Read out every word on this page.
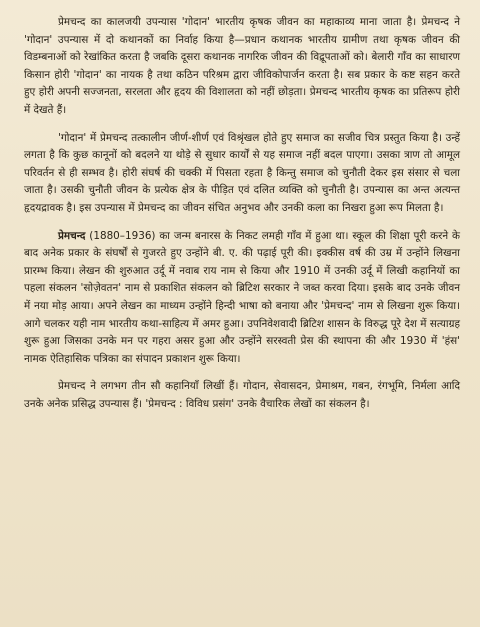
प्रेमचन्द का कालजयी उपन्यास 'गोदान' भारतीय कृषक जीवन का महाकाव्य माना जाता है। प्रेमचन्द ने 'गोदान' उपन्यास में दो कथानकों का निर्वाह किया है—प्रधान कथानक भारतीय ग्रामीण तथा कृषक जीवन की विडम्बनाओं को रेखांकित करता है जबकि दूसरा कथानक नागरिक जीवन की विद्रूपताओं को। बेलारी गाँव का साधारण किसान होरी 'गोदान' का नायक है तथा कठिन परिश्रम द्वारा जीविकोपार्जन करता है। सब प्रकार के कष्ट सहन करते हुए होरी अपनी सज्जनता, सरलता और हृदय की विशालता को नहीं छोड़ता। प्रेमचन्द भारतीय कृषक का प्रतिरूप होरी में देखते हैं।

'गोदान' में प्रेमचन्द तत्कालीन जीर्ण-शीर्ण एवं विश्रृंखल होते हुए समाज का सजीव चित्र प्रस्तुत किया है। उन्हें लगता है कि कुछ कानूनों को बदलने या थोड़े से सुधार कार्यों से यह समाज नहीं बदल पाएगा। उसका त्राण तो आमूल परिवर्तन से ही सम्भव है। होरी संघर्ष की चक्की में पिसता रहता है किन्तु समाज को चुनौती देकर इस संसार से चला जाता है। उसकी चुनौती जीवन के प्रत्येक क्षेत्र के पीड़ित एवं दलित व्यक्ति को चुनौती है। उपन्यास का अन्त अत्यन्त हृदयद्रावक है। इस उपन्यास में प्रेमचन्द का जीवन संचित अनुभव और उनकी कला का निखरा हुआ रूप मिलता है।

प्रेमचन्द (1880–1936) का जन्म बनारस के निकट लमही गाँव में हुआ था। स्कूल की शिक्षा पूरी करने के बाद अनेक प्रकार के संघर्षों से गुजरते हुए उन्होंने बी. ए. की पढ़ाई पूरी की। इक्कीस वर्ष की उम्र में उन्होंने लिखना प्रारम्भ किया। लेखन की शुरुआत उर्दू में नवाब राय नाम से किया और 1910 में उनकी उर्दू में लिखी कहानियों का पहला संकलन 'सोज़ेवतन' नाम से प्रकाशित संकलन को ब्रिटिश सरकार ने जब्त करवा दिया। इसके बाद उनके जीवन में नया मोड़ आया। अपने लेखन का माध्यम उन्होंने हिन्दी भाषा को बनाया और 'प्रेमचन्द' नाम से लिखना शुरू किया। आगे चलकर यही नाम भारतीय कथा-साहित्य में अमर हुआ। उपनिवेशवादी ब्रिटिश शासन के विरुद्ध पूरे देश में सत्याग्रह शुरू हुआ जिसका उनके मन पर गहरा असर हुआ और उन्होंने सरस्वती प्रेस की स्थापना की और 1930 में 'हंस' नामक ऐतिहासिक पत्रिका का संपादन प्रकाशन शुरू किया।

प्रेमचन्द ने लगभग तीन सौ कहानियाँ लिखीं हैं। गोदान, सेवासदन, प्रेमाश्रम, गबन, रंगभूमि, निर्मला आदि उनके अनेक प्रसिद्ध उपन्यास हैं। 'प्रेमचन्द : विविध प्रसंग' उनके वैचारिक लेखों का संकलन है।
